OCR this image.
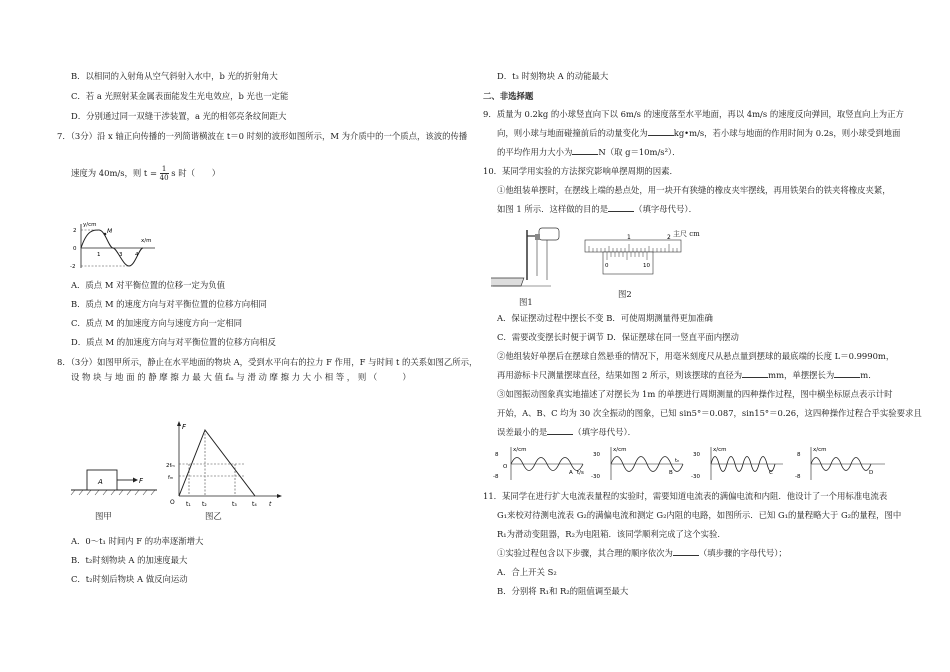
B．以相同的入射角从空气斜射入水中，b 光的折射角大

C．若 a 光照射某金属表面能发生光电效应，b 光也一定能

D．分别通过同一双缝干涉装置，a 光的相邻亮条纹间距大

7．（3分）沿 x 轴正向传播的一列简谐横波在 t＝0 时刻的波形如图所示，M 为介质中的一个质点，该波的传播

速度为 40m/s，则 $t = \frac{1}{40}$ s 时（　　）
y/cm
x/m
M
2
0
-2
1	3 4

A．质点 M 对平衡位置的位移一定为负值

B．质点 M 的速度方向与对平衡位置的位移方向相同

C．质点 M 的加速度方向与速度方向一定相同

D．质点 M 的加速度方向与对平衡位置的位移方向相反

8．（3分）如图甲所示，静止在水平地面的物块 A，受到水平向右的拉力 F 作用，F 与时间 t 的关系如图乙所示，

设 物 块 与 地 面 的 静 摩 擦 力 最 大 值 fₘ 与 滑 动 摩 擦 力 大 小 相 等 ， 则 （　　　）

A	F

图甲

F
2fₘ
fₘ
O t₁ t₂	t₃	t₄ t

图乙

A．0～t₁ 时间内 F 的功率逐渐增大

B．t₂时刻物块 A 的加速度最大

C．t₂时刻后物块 A 做反向运动

D．t₃ 时刻物块 A 的动能最大

二、非选择题

9．质量为 0.2kg 的小球竖直向下以 6m/s 的速度落至水平地面，再以 4m/s 的速度反向弹回，取竖直向上为正方

向，则小球与地面碰撞前后的动量变化为	kg•m/s，若小球与地面的作用时间为 0.2s，则小球受到地面
的平均作用力大小为	N（取 g＝10m/s²）．

10．某同学用实验的方法探究影响单摆周期的因素．

①他组装单摆时，在摆线上端的悬点处，用一块开有狭缝的橡皮夹牢摆线，再用铁架台的铁夹将橡皮夹紧，

如图 1 所示．这样做的目的是	（填字母代号）．

图1

1	2
0	10

主尺 cm

图2

A．保证摆动过程中摆长不变 B．可使周期测量得更加准确

C．需要改变摆长时便于调节 D．保证摆球在同一竖直平面内摆动

②他组装好单摆后在摆球自然悬垂的情况下，用毫米刻度尺从悬点量到摆球的最底端的长度 L＝0.9990m，

再用游标卡尺测量摆球直径，结果如图 2 所示，则该摆球的直径为	mm，单摆摆长为	m．

③如图振动图象真实地描述了对摆长为 1m 的单摆进行周期测量的四种操作过程，图中横坐标原点表示计时

开始，A、B、C 均为 30 次全振动的图象，已知 sin5°＝0.087，sin15°＝0.26，这四种操作过程合乎实验要求且

误差最小的是	（填字母代号）．
x/cm
8
-8
O
A t/s
x/cm
30
-30
B
tₙ
x/cm
30
-30
C
x/cm
8
-8
D

11．某同学在进行扩大电流表量程的实验时，需要知道电流表的满偏电流和内阻．他设计了一个用标准电流表

G₁来校对待测电流表 G₂的满偏电流和测定 G₂内阻的电路，如图所示．已知 G₁的量程略大于 G₂的量程，图中

R₁为滑动变阻器，R₂为电阻箱．该同学顺利完成了这个实验．

①实验过程包含以下步骤，其合理的顺序依次为	（填步骤的字母代号）；

A．合上开关 S₂

B．分别将 R₁和 R₂的阻值调至最大
